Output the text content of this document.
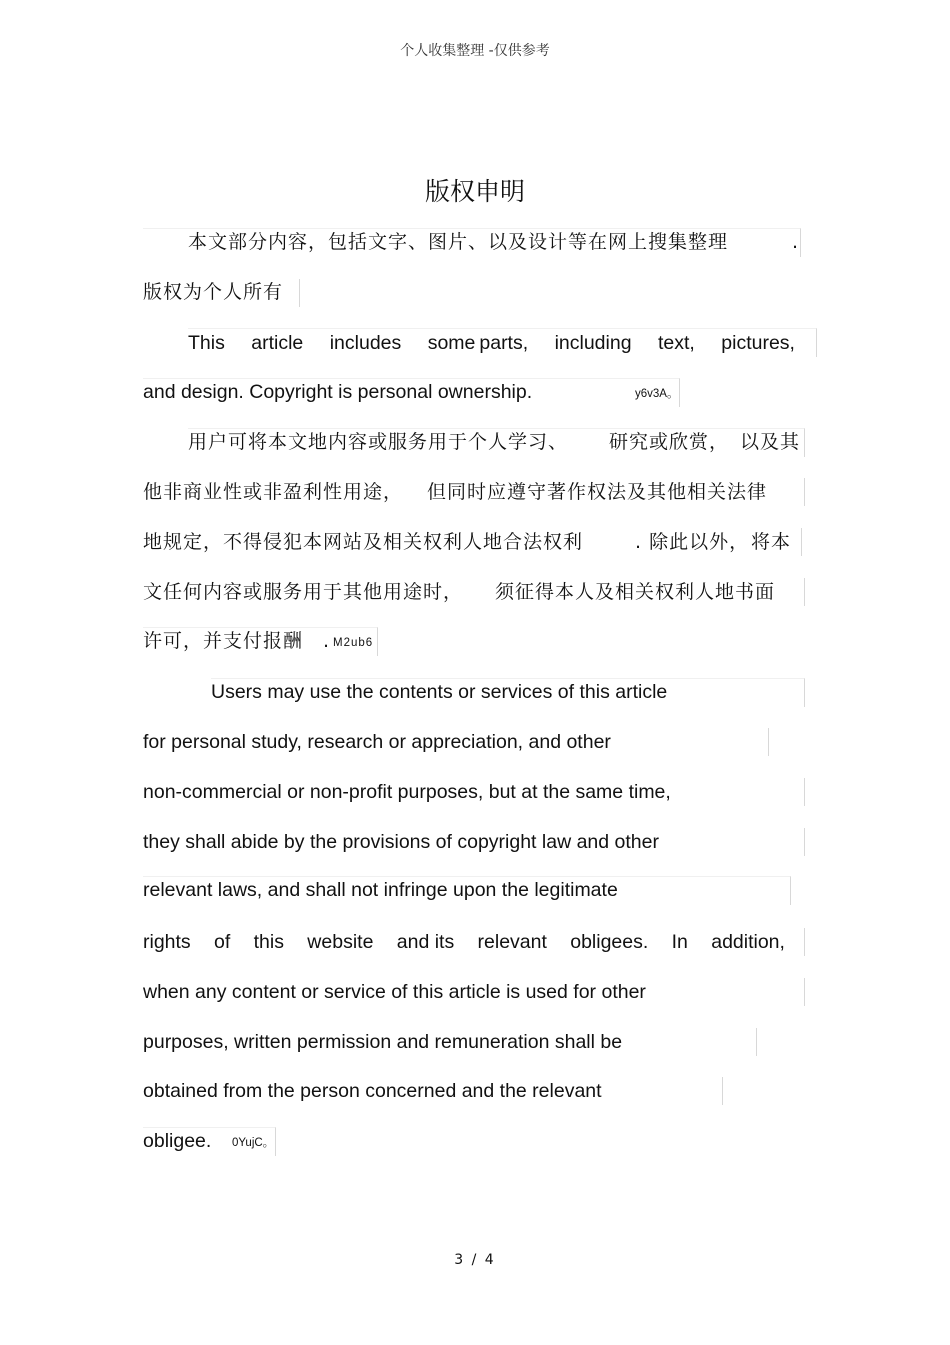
个人收集整理 -仅供参考
版权申明
本文部分内容，包括文字、图片、以及设计等在网上搜集整理	.
版权为个人所有
This article includes some parts, including text, pictures,
and design. Copyright is personal ownership.	y6v3A。
用户可将本文地内容或服务用于个人学习、 研究或欣赏， 以及其
他非商业性或非盈利性用途， 但同时应遵守著作权法及其他相关法律
地规定，不得侵犯本网站及相关权利人地合法权利	. 除此以外， 将本
文任何内容或服务用于其他用途时， 须征得本人及相关权利人地书面
许可，并支付报酬 . M2ub6
Users may use the contents or services of this article
for personal study, research or appreciation, and other
non-commercial or non-profit purposes, but at the same time,
they shall abide by the provisions of copyright law and other
relevant laws, and shall not infringe upon the legitimate
rights of this website and its relevant obligees. In addition,
when any content or service of this article is used for other
purposes, written permission and remuneration shall be
obtained from the person concerned and the relevant
obligee. 0YujC。
3 / 4
